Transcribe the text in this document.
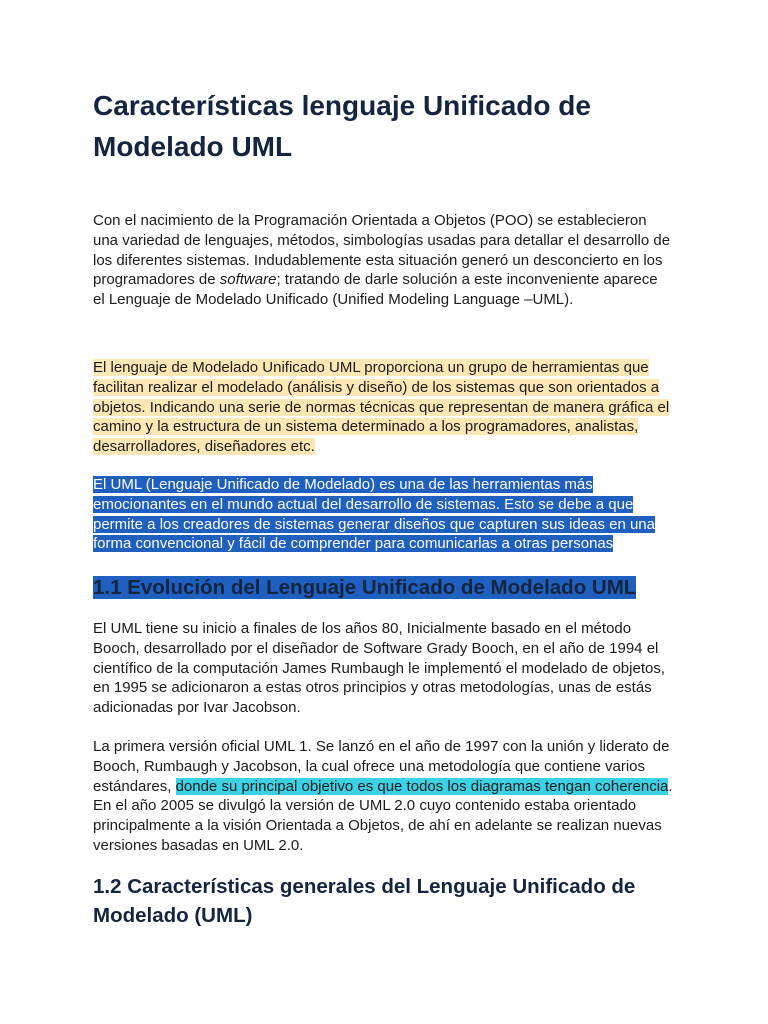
Características lenguaje Unificado de Modelado UML

Con el nacimiento de la Programación Orientada a Objetos (POO) se establecieron una variedad de lenguajes, métodos, simbologías usadas para detallar el desarrollo de los diferentes sistemas. Indudablemente esta situación generó un desconcierto en los programadores de software; tratando de darle solución a este inconveniente aparece el Lenguaje de Modelado Unificado (Unified Modeling Language –UML).

El lenguaje de Modelado Unificado UML proporciona un grupo de herramientas que facilitan realizar el modelado (análisis y diseño) de los sistemas que son orientados a objetos. Indicando una serie de normas técnicas que representan de manera gráfica el camino y la estructura de un sistema determinado a los programadores, analistas, desarrolladores, diseñadores etc.

El UML (Lenguaje Unificado de Modelado) es una de las herramientas más emocionantes en el mundo actual del desarrollo de sistemas. Esto se debe a que permite a los creadores de sistemas generar diseños que capturen sus ideas en una forma convencional y fácil de comprender para comunicarlas a otras personas

1.1 Evolución del Lenguaje Unificado de Modelado UML

El UML tiene su inicio a finales de los años 80, Inicialmente basado en el método Booch, desarrollado por el diseñador de Software Grady Booch, en el año de 1994 el científico de la computación James Rumbaugh le implementó el modelado de objetos, en 1995 se adicionaron a estas otros principios y otras metodologías, unas de estás adicionadas por Ivar Jacobson.

La primera versión oficial UML 1. Se lanzó en el año de 1997 con la unión y liderato de Booch, Rumbaugh y Jacobson, la cual ofrece una metodología que contiene varios estándares, donde su principal objetivo es que todos los diagramas tengan coherencia. En el año 2005 se divulgó la versión de UML 2.0 cuyo contenido estaba orientado principalmente a la visión Orientada a Objetos, de ahí en adelante se realizan nuevas versiones basadas en UML 2.0.

1.2 Características generales del Lenguaje Unificado de Modelado (UML)
